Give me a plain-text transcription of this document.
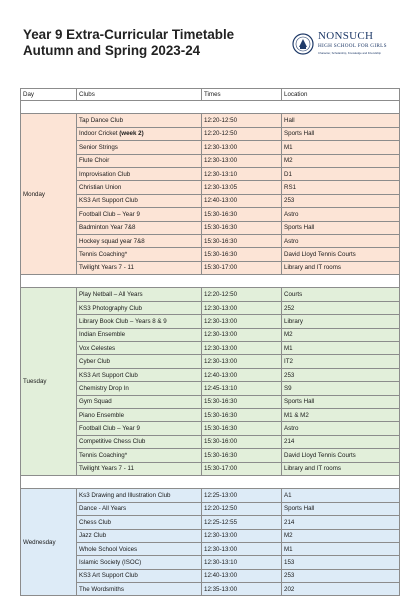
Year 9 Extra-Curricular Timetable
Autumn and Spring 2023-24
NONSUCH
HIGH SCHOOL FOR GIRLS
Character, Scholarship, Knowledge and Friendship
Day	Clubs	Times	Location

Monday	Tap Dance Club	12:20-12:50	Hall
	Indoor Cricket (week 2)	12:20-12:50	Sports Hall
	Senior Strings	12:30-13:00	M1
	Flute Choir	12:30-13:00	M2
	Improvisation Club	12:30-13:10	D1
	Christian Union	12:30-13:05	RS1
	KS3 Art Support Club	12:40-13:00	253
	Football Club – Year 9	15:30-16:30	Astro
	Badminton Year 7&8	15:30-16:30	Sports Hall
	Hockey squad year 7&8	15:30-16:30	Astro
	Tennis Coaching*	15:30-16:30	David Lloyd Tennis Courts
	Twilight Years 7 - 11	15:30-17:00	Library and IT rooms

Tuesday	Play Netball – All Years	12:20-12:50	Courts
	KS3 Photography Club	12:30-13:00	252
	Library Book Club – Years 8 & 9	12:30-13:00	Library
	Indian Ensemble	12:30-13:00	M2
	Vox Celestes	12:30-13:00	M1
	Cyber Club	12:30-13:00	IT2
	KS3 Art Support Club	12:40-13:00	253
	Chemistry Drop In	12:45-13:10	S9
	Gym Squad	15:30-16:30	Sports Hall
	Piano Ensemble	15:30-16:30	M1 & M2
	Football Club – Year 9	15:30-16:30	Astro
	Competitive Chess Club	15:30-16:00	214
	Tennis Coaching*	15:30-16:30	David Lloyd Tennis Courts
	Twilight Years 7 - 11	15:30-17:00	Library and IT rooms

Wednesday	Ks3 Drawing and Illustration Club	12:25-13:00	A1
	Dance - All Years	12:20-12:50	Sports Hall
	Chess Club	12:25-12:55	214
	Jazz Club	12:30-13:00	M2
	Whole School Voices	12:30-13:00	M1
	Islamic Society (ISOC)	12:30-13:10	153
	KS3 Art Support Club	12:40-13:00	253
	The Wordsmiths	12:35-13:00	202
